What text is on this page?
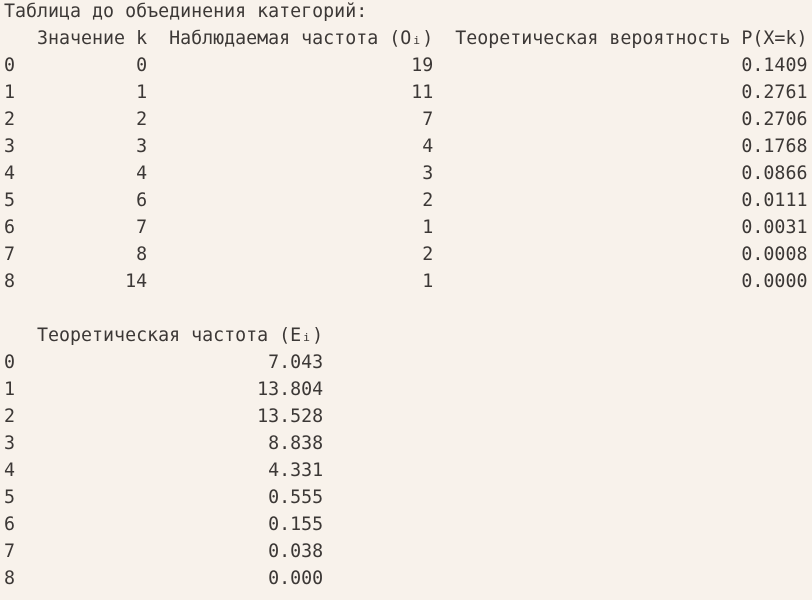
Таблица до объединения категорий:
Значение k  Наблюдаемая частота (Oᵢ)  Теоретическая вероятность P(X=k)
0           0                        19                            0.1409
1           1                        11                            0.2761
2           2                         7                            0.2706
3           3                         4                            0.1768
4           4                         3                            0.0866
5           6                         2                            0.0111
6           7                         1                            0.0031
7           8                         2                            0.0008
8          14                         1                            0.0000
Теоретическая частота (Eᵢ)
0                       7.043
1                      13.804
2                      13.528
3                       8.838
4                       4.331
5                       0.555
6                       0.155
7                       0.038
8                       0.000
